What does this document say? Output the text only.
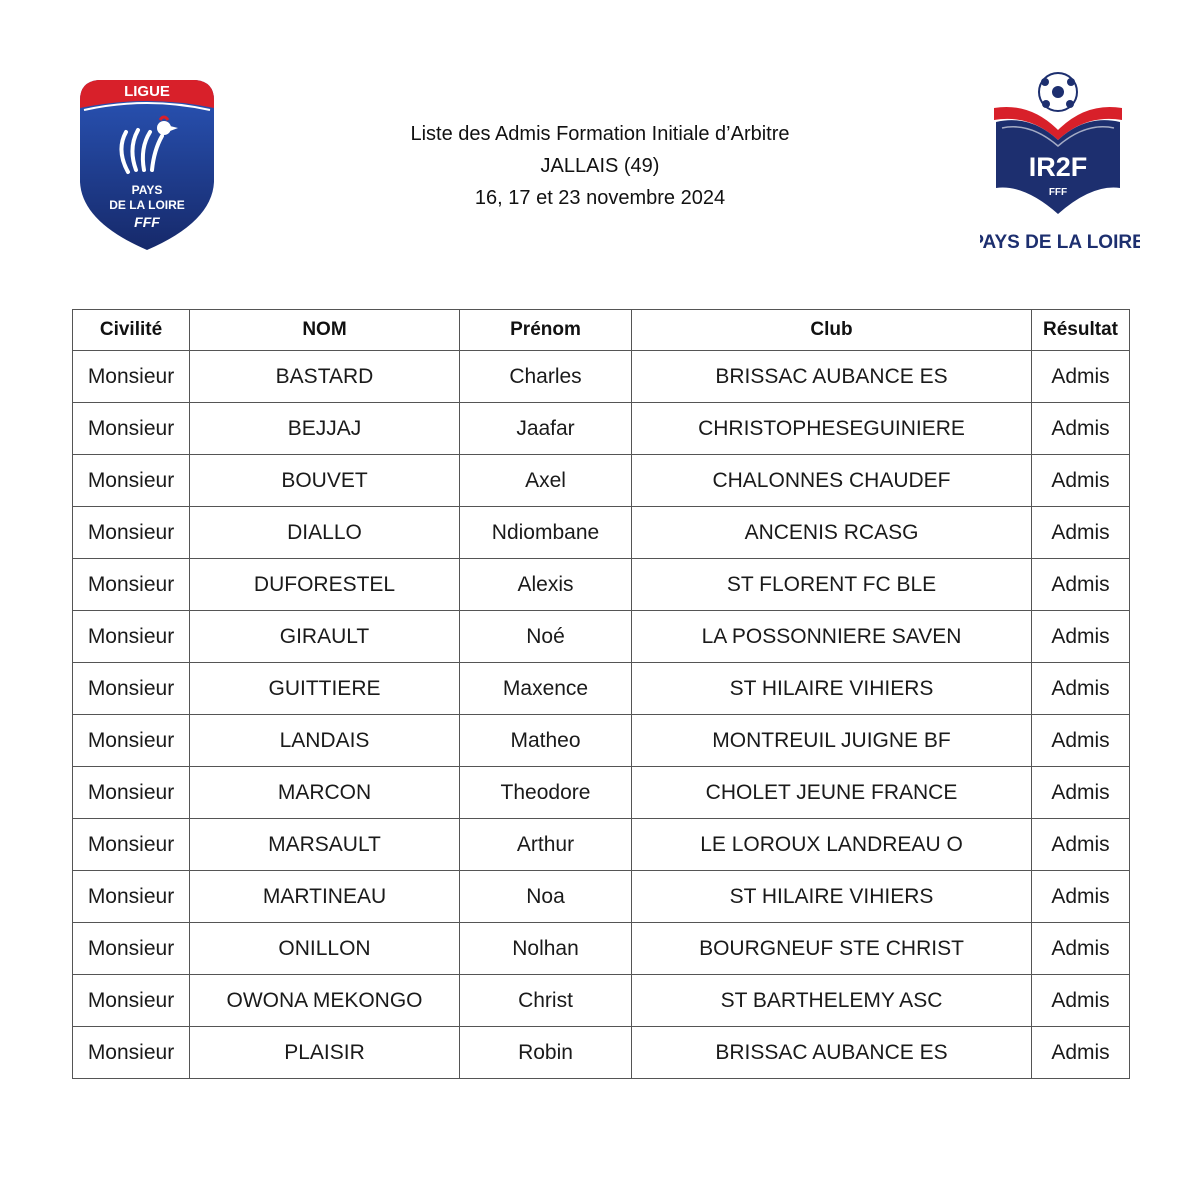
LIGUE
PAYS
DE LA LOIRE
FFF
Liste des Admis Formation Initiale d’Arbitre
JALLAIS (49)
16, 17 et 23 novembre 2024
IR2F
FFF
PAYS DE LA LOIRE
Civilité	NOM	Prénom	Club	Résultat
Monsieur	BASTARD	Charles	BRISSAC AUBANCE ES	Admis
Monsieur	BEJJAJ	Jaafar	CHRISTOPHESEGUINIERE	Admis
Monsieur	BOUVET	Axel	CHALONNES CHAUDEF	Admis
Monsieur	DIALLO	Ndiombane	ANCENIS RCASG	Admis
Monsieur	DUFORESTEL	Alexis	ST FLORENT FC BLE	Admis
Monsieur	GIRAULT	Noé	LA POSSONNIERE SAVEN	Admis
Monsieur	GUITTIERE	Maxence	ST HILAIRE VIHIERS	Admis
Monsieur	LANDAIS	Matheo	MONTREUIL JUIGNE BF	Admis
Monsieur	MARCON	Theodore	CHOLET JEUNE FRANCE	Admis
Monsieur	MARSAULT	Arthur	LE LOROUX LANDREAU O	Admis
Monsieur	MARTINEAU	Noa	ST HILAIRE VIHIERS	Admis
Monsieur	ONILLON	Nolhan	BOURGNEUF STE CHRIST	Admis
Monsieur	OWONA MEKONGO	Christ	ST BARTHELEMY ASC	Admis
Monsieur	PLAISIR	Robin	BRISSAC AUBANCE ES	Admis
